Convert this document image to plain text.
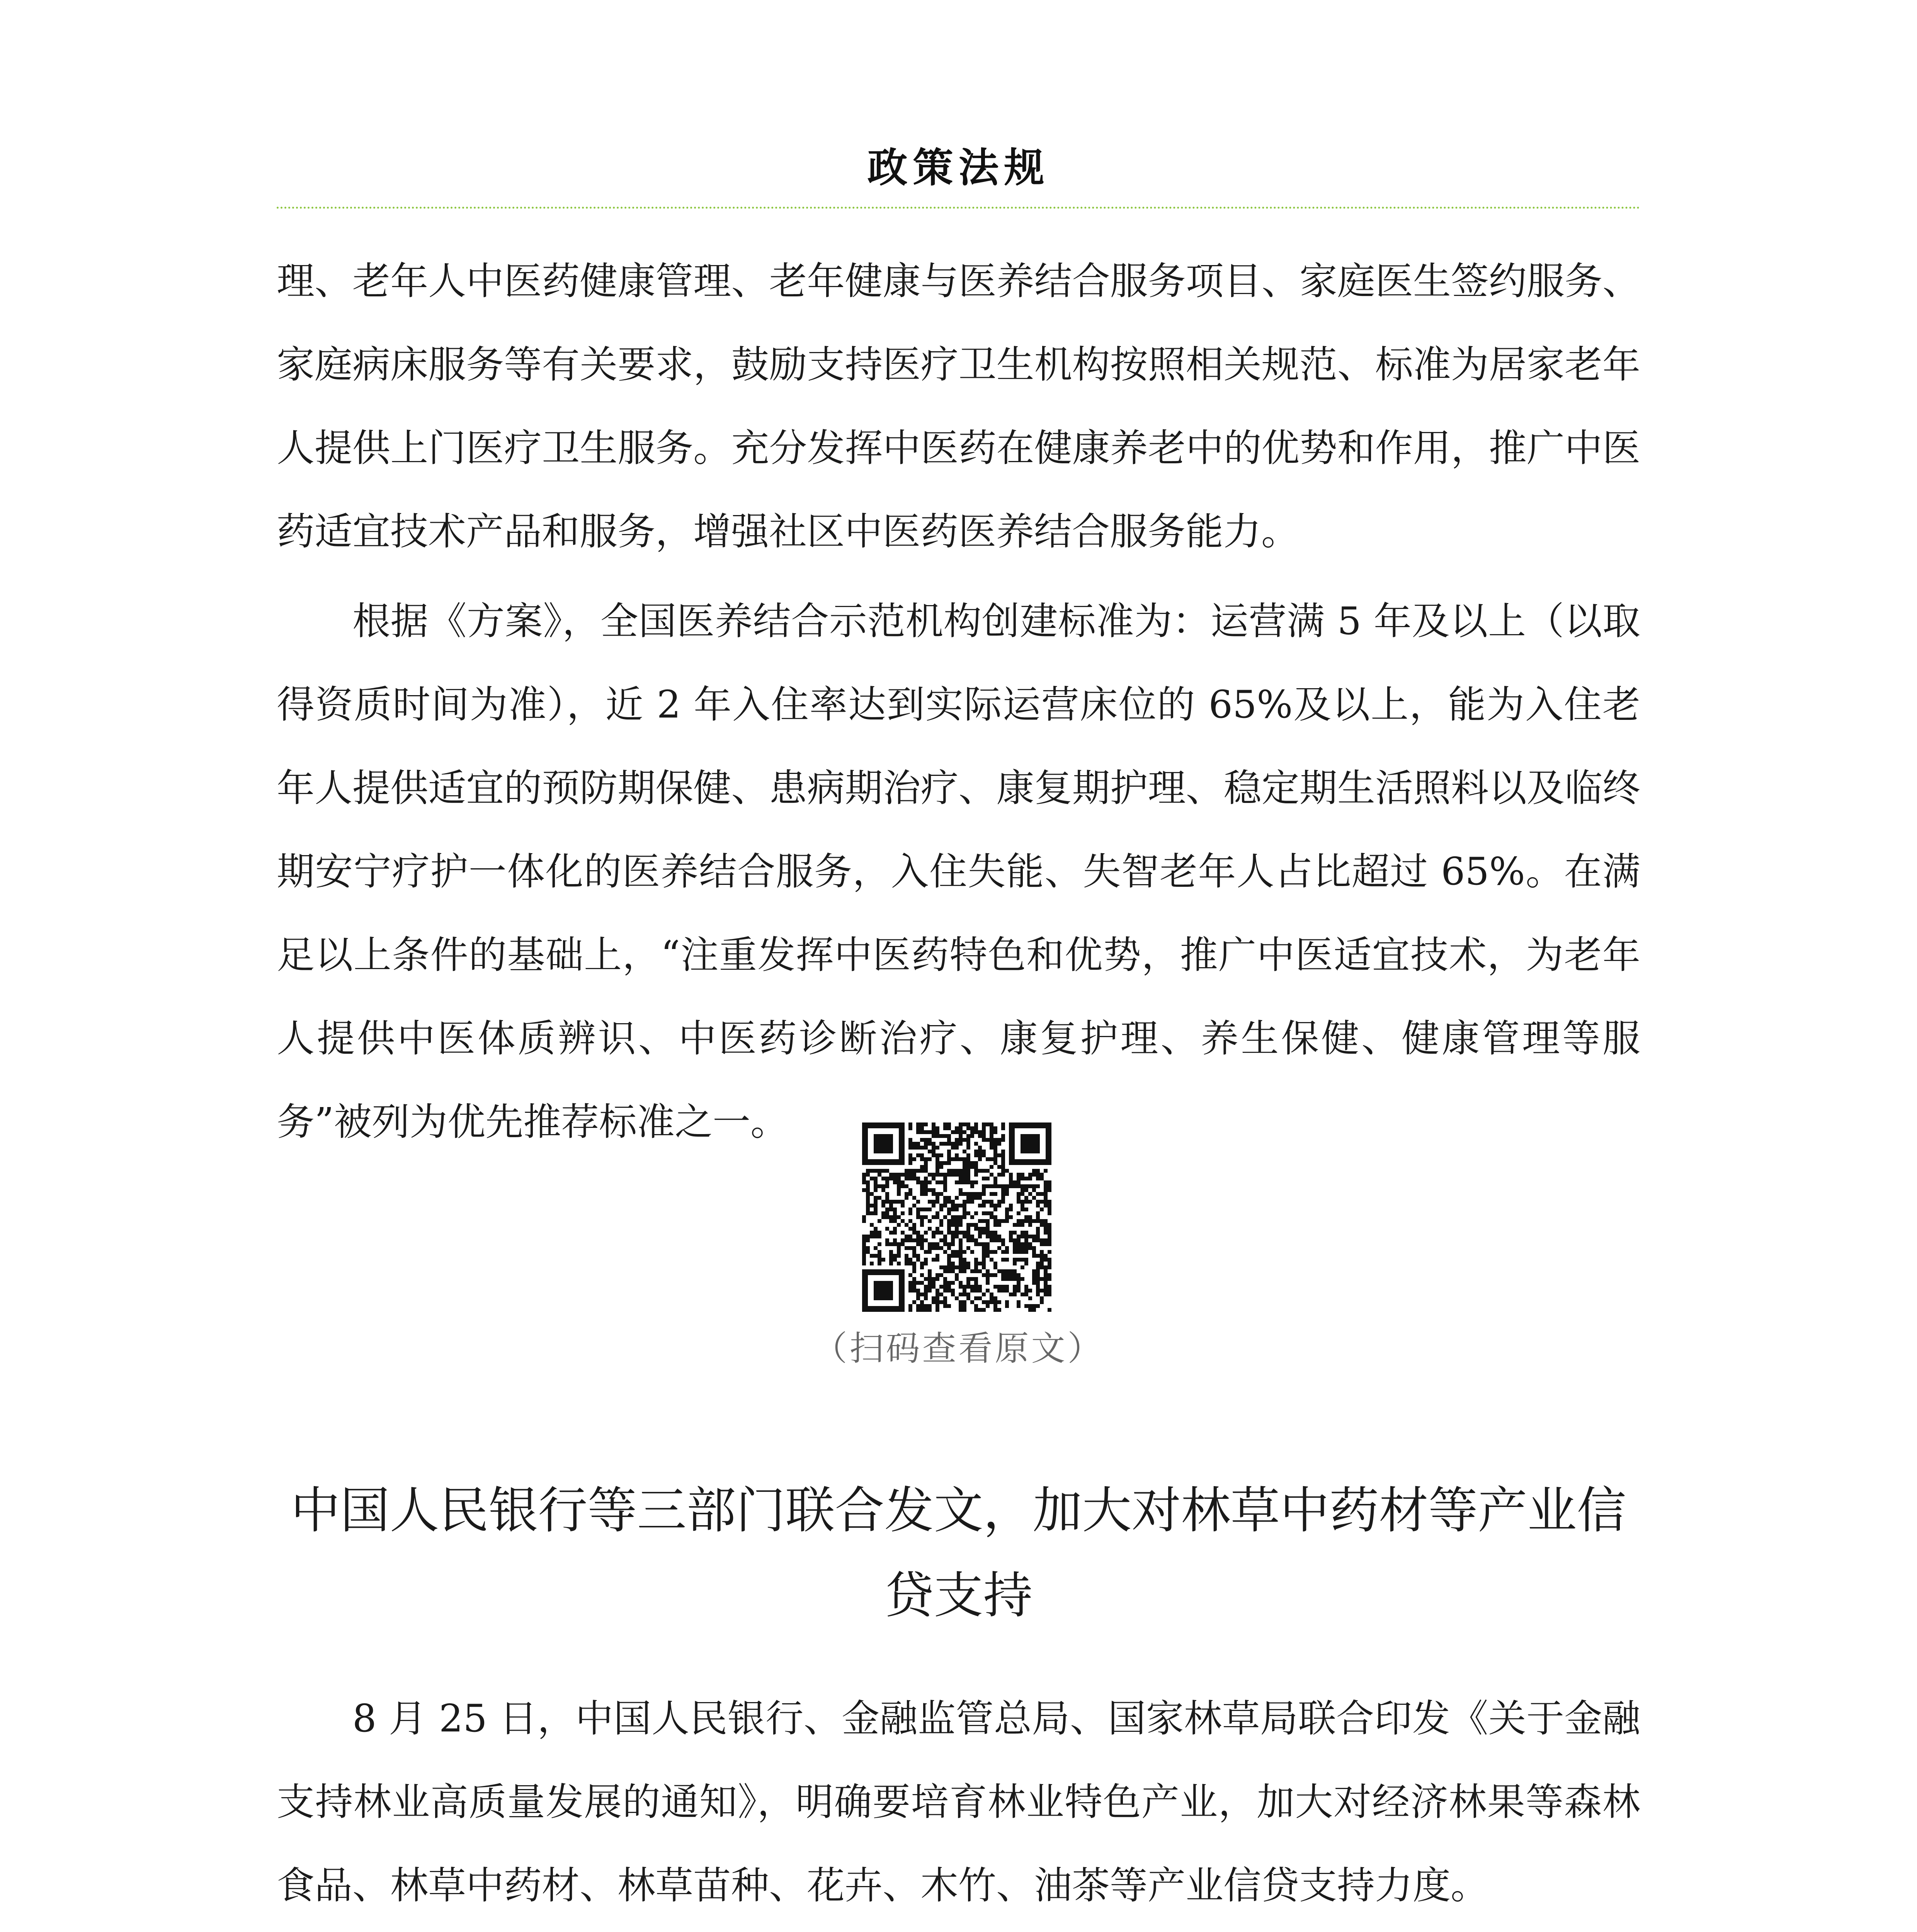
政策法规

理、老年人中医药健康管理、老年健康与医养结合服务项目、家庭医生签约服务、家庭病床服务等有关要求，鼓励支持医疗卫生机构按照相关规范、标准为居家老年人提供上门医疗卫生服务。充分发挥中医药在健康养老中的优势和作用，推广中医药适宜技术产品和服务，增强社区中医药医养结合服务能力。

根据《方案》，全国医养结合示范机构创建标准为：运营满 5 年及以上（以取得资质时间为准），近 2 年入住率达到实际运营床位的 65%及以上，能为入住老年人提供适宜的预防期保健、患病期治疗、康复期护理、稳定期生活照料以及临终期安宁疗护一体化的医养结合服务，入住失能、失智老年人占比超过 65%。在满足以上条件的基础上，“注重发挥中医药特色和优势，推广中医适宜技术，为老年人提供中医体质辨识、中医药诊断治疗、康复护理、养生保健、健康管理等服务”被列为优先推荐标准之一。

（扫码查看原文）
中国人民银行等三部门联合发文，加大对林草中药材等产业信贷支持

8 月 25 日，中国人民银行、金融监管总局、国家林草局联合印发《关于金融支持林业高质量发展的通知》，明确要培育林业特色产业，加大对经济林果等森林食品、林草中药材、林草苗种、花卉、木竹、油茶等产业信贷支持力度。
